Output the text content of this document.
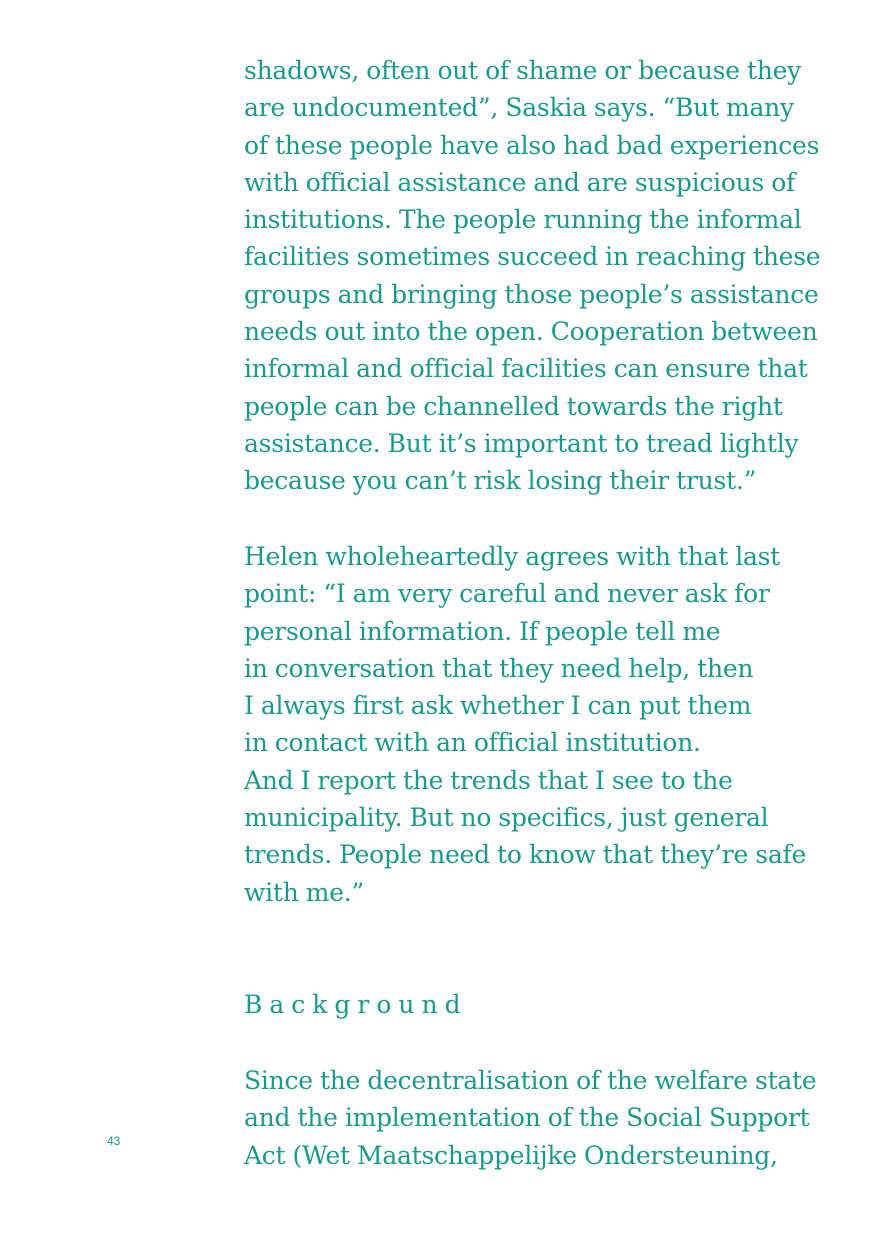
shadows, often out of shame or because they
are undocumented”, Saskia says. “But many
of these people have also had bad experiences
with official assistance and are suspicious of
institutions. The people running the informal
facilities sometimes succeed in reaching these
groups and bringing those people’s assistance
needs out into the open. Cooperation between
informal and official facilities can ensure that
people can be channelled towards the right
assistance. But it’s important to tread lightly
because you can’t risk losing their trust.”
Helen wholeheartedly agrees with that last
point: “I am very careful and never ask for
personal information. If people tell me
in conversation that they need help, then
I always first ask whether I can put them
in contact with an official institution.
And I report the trends that I see to the
municipality. But no specifics, just general
trends. People need to know that they’re safe
with me.”
Background
Since the decentralisation of the welfare state
and the implementation of the Social Support
Act (Wet Maatschappelijke Ondersteuning,
43
